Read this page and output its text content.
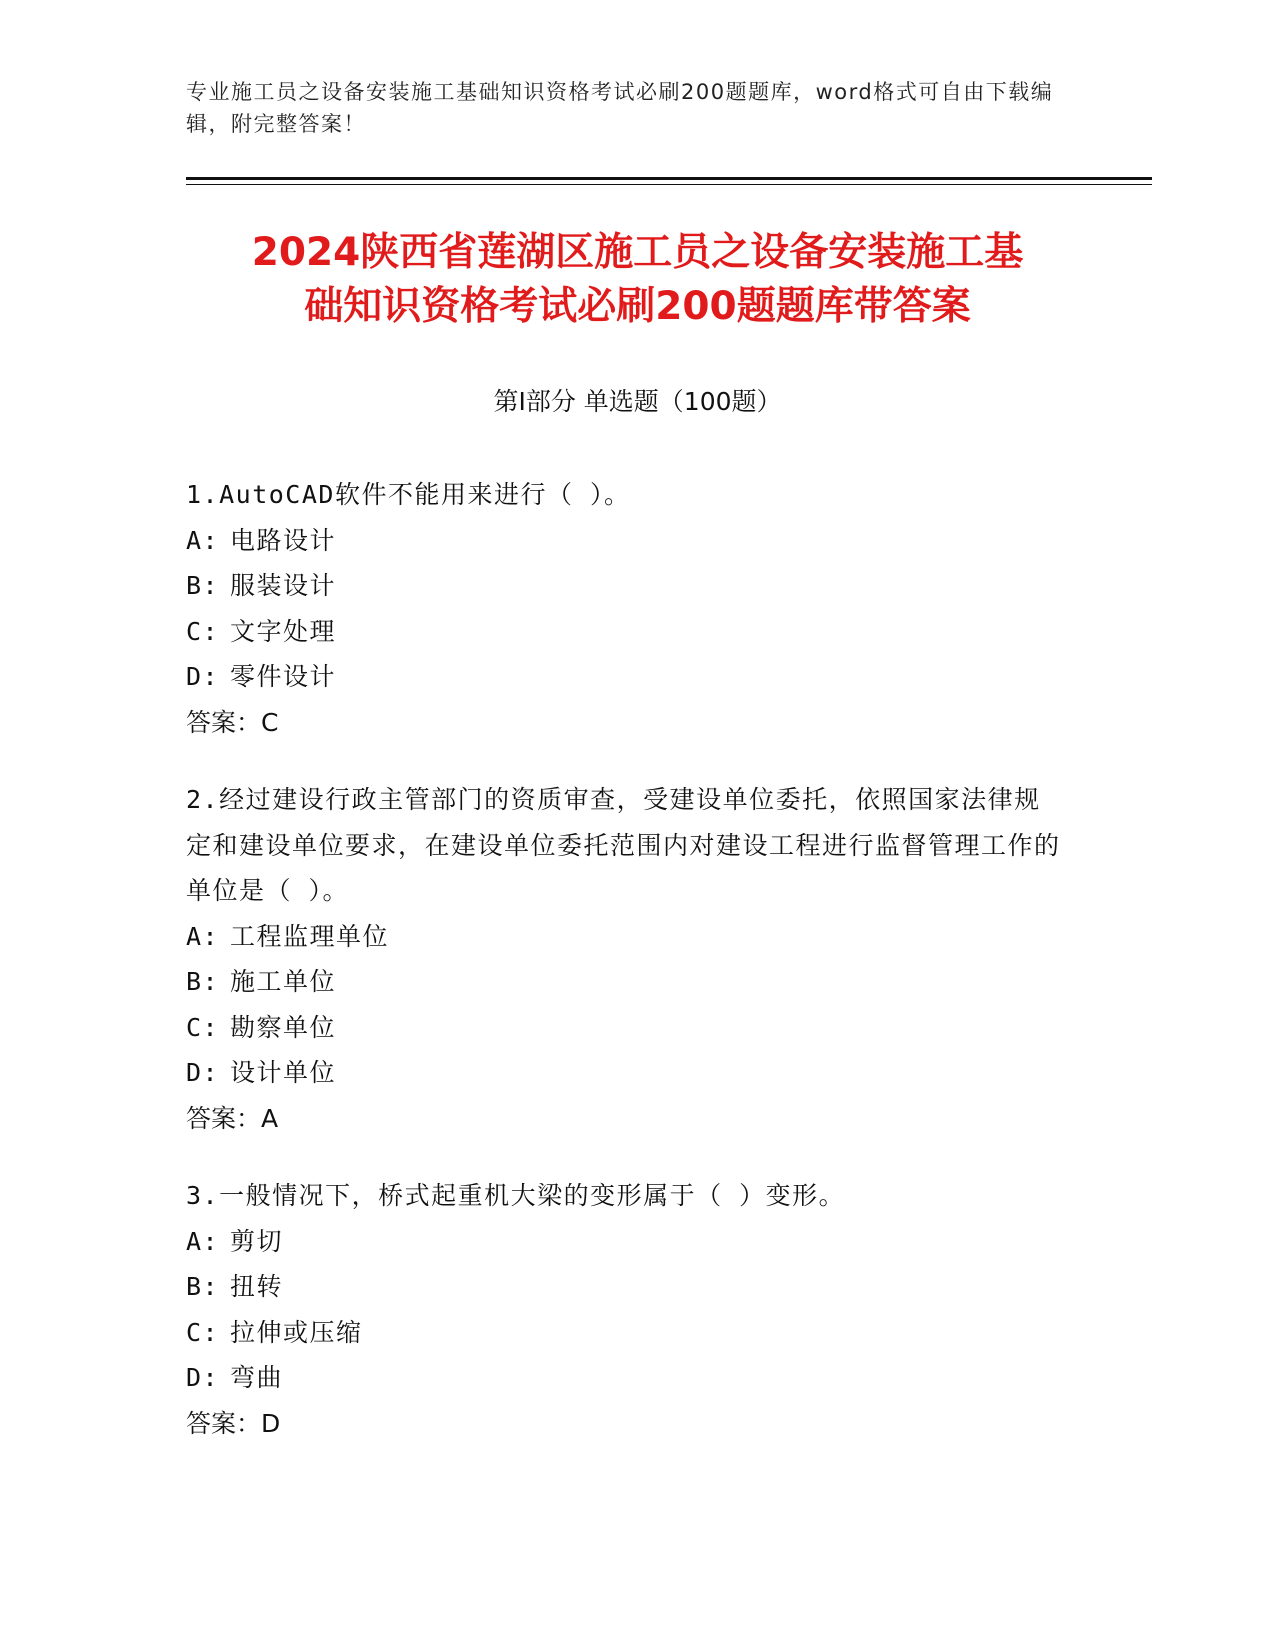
专业施工员之设备安装施工基础知识资格考试必刷200题题库，word格式可自由下载编辑，附完整答案！
2024陕西省莲湖区施工员之设备安装施工基
础知识资格考试必刷200题题库带答案
第Ⅰ部分 单选题（100题）
1.AutoCAD软件不能用来进行（ ）。
A: 电路设计
B: 服装设计
C: 文字处理
D: 零件设计
答案：C
2.经过建设行政主管部门的资质审查，受建设单位委托，依照国家法律规定和建设单位要求，在建设单位委托范围内对建设工程进行监督管理工作的单位是（ ）。
A: 工程监理单位
B: 施工单位
C: 勘察单位
D: 设计单位
答案：A
3.一般情况下，桥式起重机大梁的变形属于（ ）变形。
A: 剪切
B: 扭转
C: 拉伸或压缩
D: 弯曲
答案：D
